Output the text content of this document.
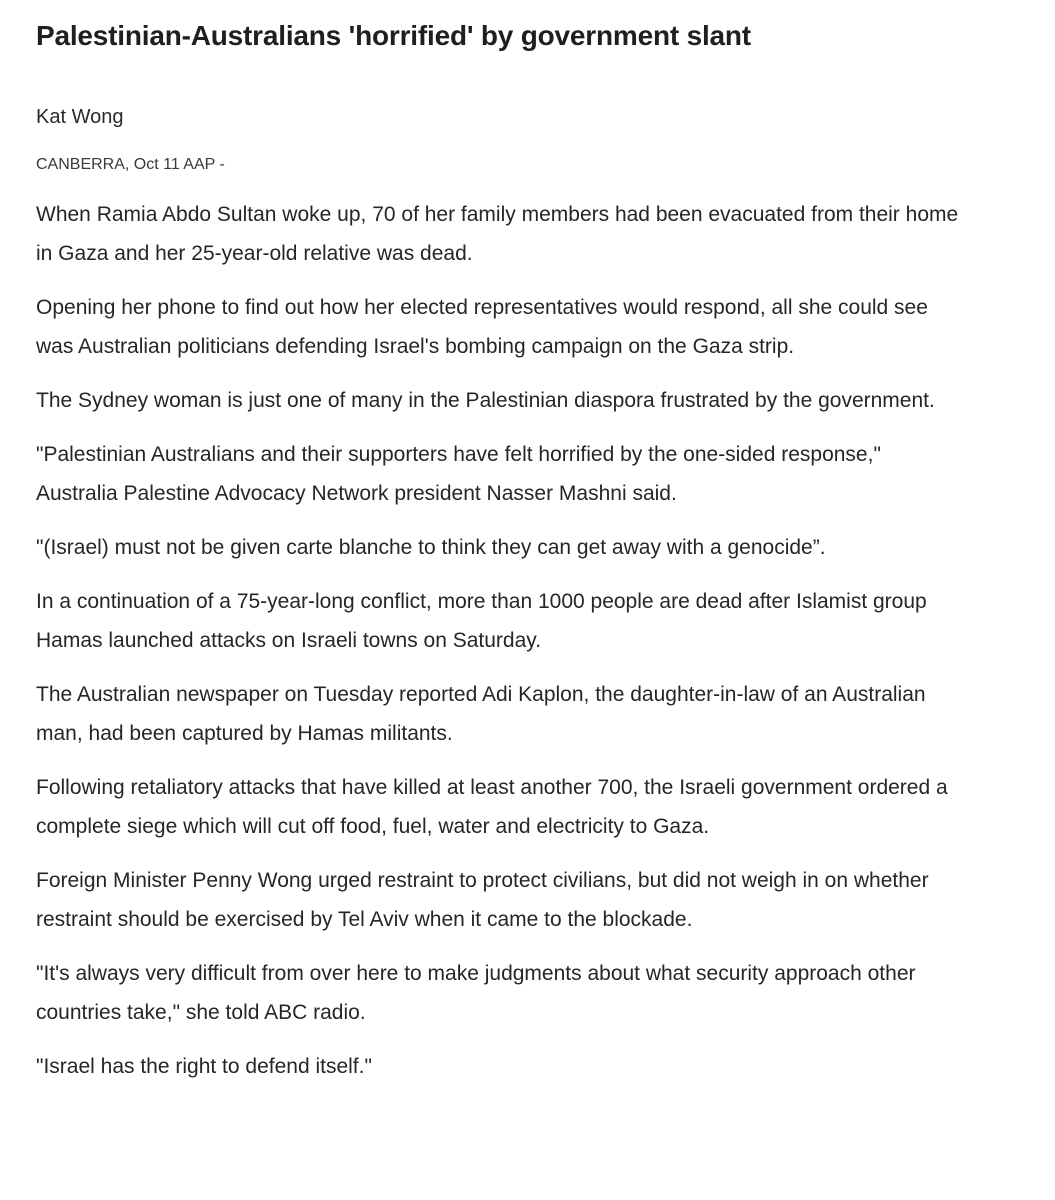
Palestinian-Australians 'horrified' by government slant
Kat Wong
CANBERRA, Oct 11 AAP -

When Ramia Abdo Sultan woke up, 70 of her family members had been evacuated from their home in Gaza and her 25-year-old relative was dead.

Opening her phone to find out how her elected representatives would respond, all she could see was Australian politicians defending Israel's bombing campaign on the Gaza strip.

The Sydney woman is just one of many in the Palestinian diaspora frustrated by the government.

"Palestinian Australians and their supporters have felt horrified by the one-sided response," Australia Palestine Advocacy Network president Nasser Mashni said.

"(Israel) must not be given carte blanche to think they can get away with a genocide”.

In a continuation of a 75-year-long conflict, more than 1000 people are dead after Islamist group Hamas launched attacks on Israeli towns on Saturday.

The Australian newspaper on Tuesday reported Adi Kaplon, the daughter-in-law of an Australian man, had been captured by Hamas militants.

Following retaliatory attacks that have killed at least another 700, the Israeli government ordered a complete siege which will cut off food, fuel, water and electricity to Gaza.

Foreign Minister Penny Wong urged restraint to protect civilians, but did not weigh in on whether restraint should be exercised by Tel Aviv when it came to the blockade.

"It's always very difficult from over here to make judgments about what security approach other countries take," she told ABC radio.

"Israel has the right to defend itself."
